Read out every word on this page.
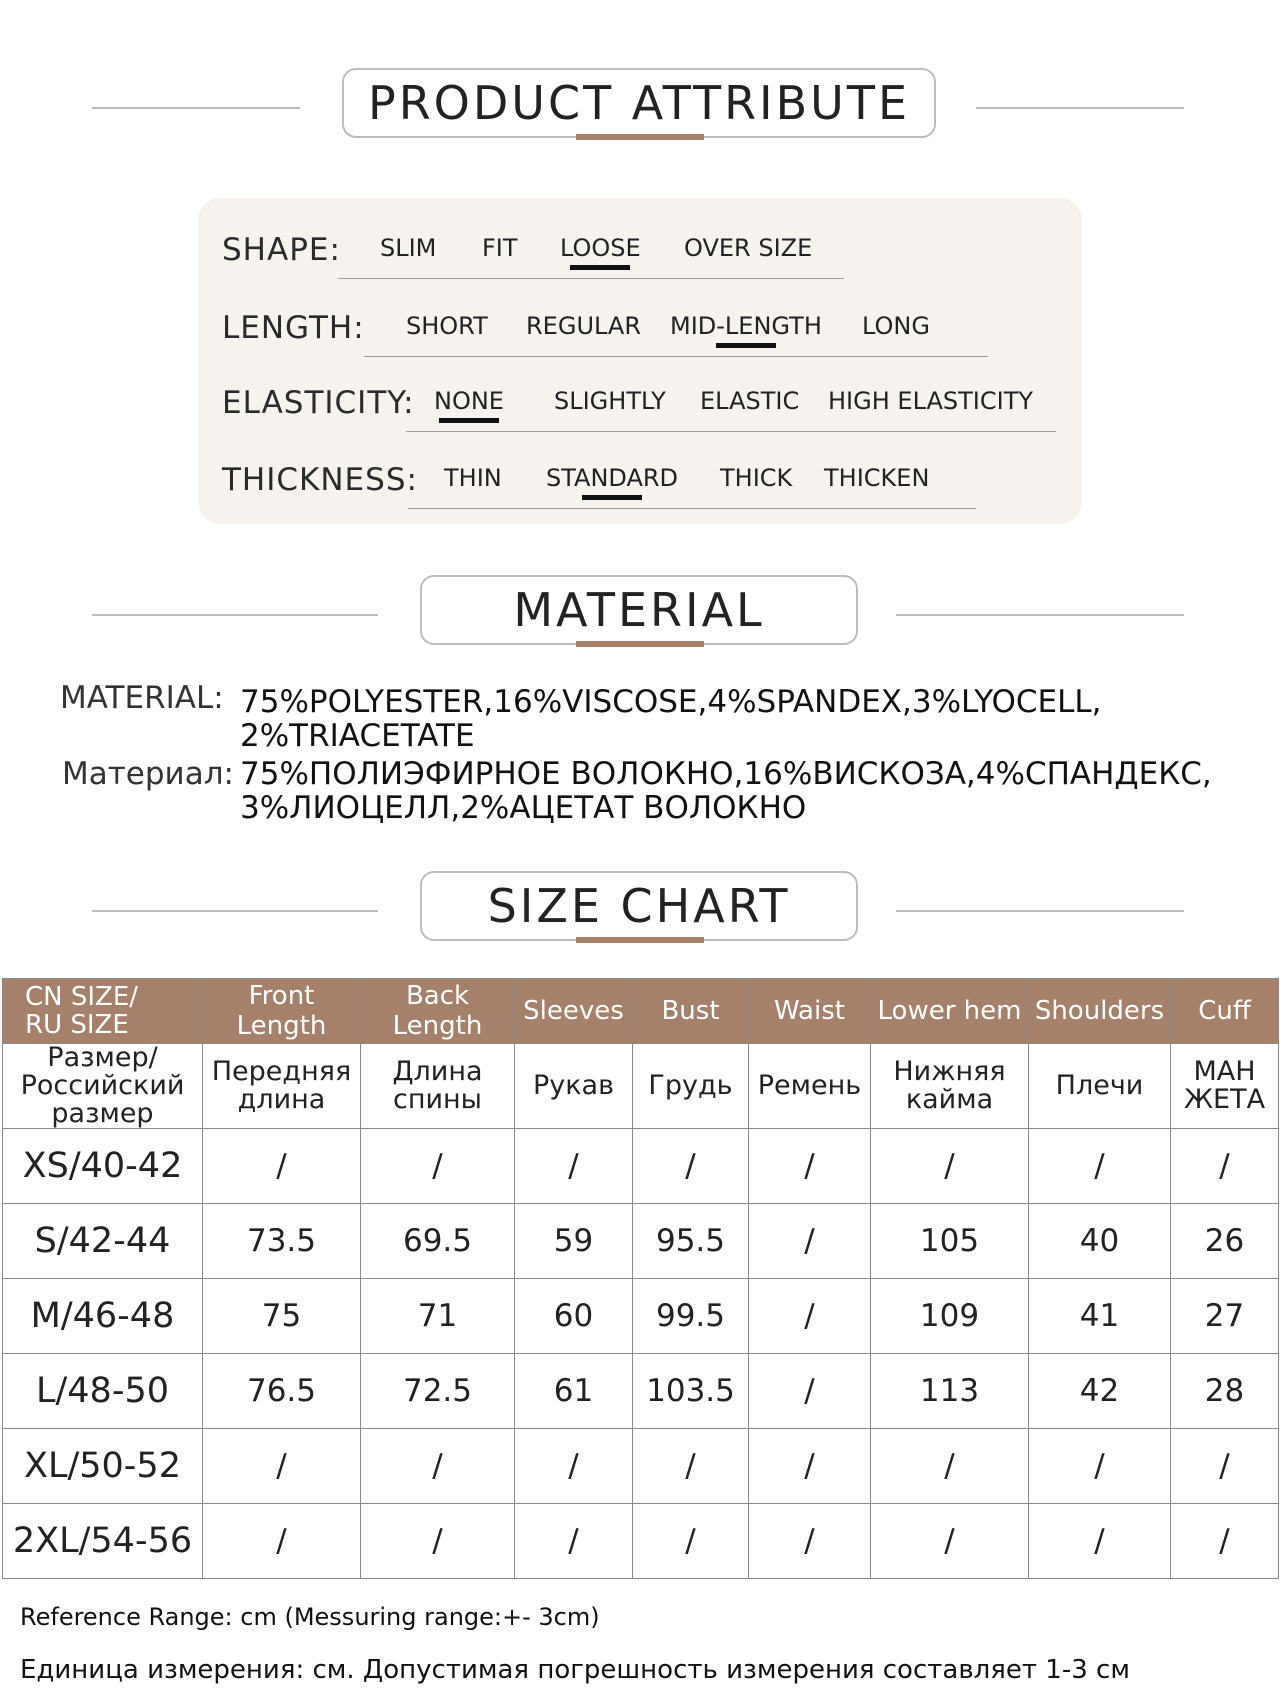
PRODUCT ATTRIBUTE
SHAPE: SLIM FIT LOOSE OVER SIZE
LENGTH: SHORT REGULAR MID-LENGTH LONG
ELASTICITY: NONE SLIGHTLY ELASTIC HIGH ELASTICITY
THICKNESS: THIN STANDARD THICK THICKEN
MATERIAL
MATERIAL: 75%POLYESTER,16%VISCOSE,4%SPANDEX,3%LYOCELL,
2%TRIACETATE
Материал: 75%ПОЛИЭФИРНОЕ ВОЛОКНО,16%ВИСКОЗА,4%СПАНДЕКС,
3%ЛИОЦЕЛЛ,2%АЦЕТАТ ВОЛОКНО
SIZE CHART
CN SIZE/
RU SIZE	Front Length	Back Length	Sleeves	Bust	Waist	Lower hem	Shoulders	Cuff
Размер/ Российский размер	Передняя длина	Длина спины	Рукав	Грудь	Ремень	Нижняя кайма	Плечи	МАН ЖЕТА
XS/40-42	/	/	/	/	/	/	/	/
S/42-44	73.5	69.5	59	95.5	/	105	40	26
M/46-48	75	71	60	99.5	/	109	41	27
L/48-50	76.5	72.5	61	103.5	/	113	42	28
XL/50-52	/	/	/	/	/	/	/	/
2XL/54-56	/	/	/	/	/	/	/	/
Reference Range: cm (Messuring range:+- 3cm)
Единица измерения: см. Допустимая погрешность измерения составляет 1-3 см
